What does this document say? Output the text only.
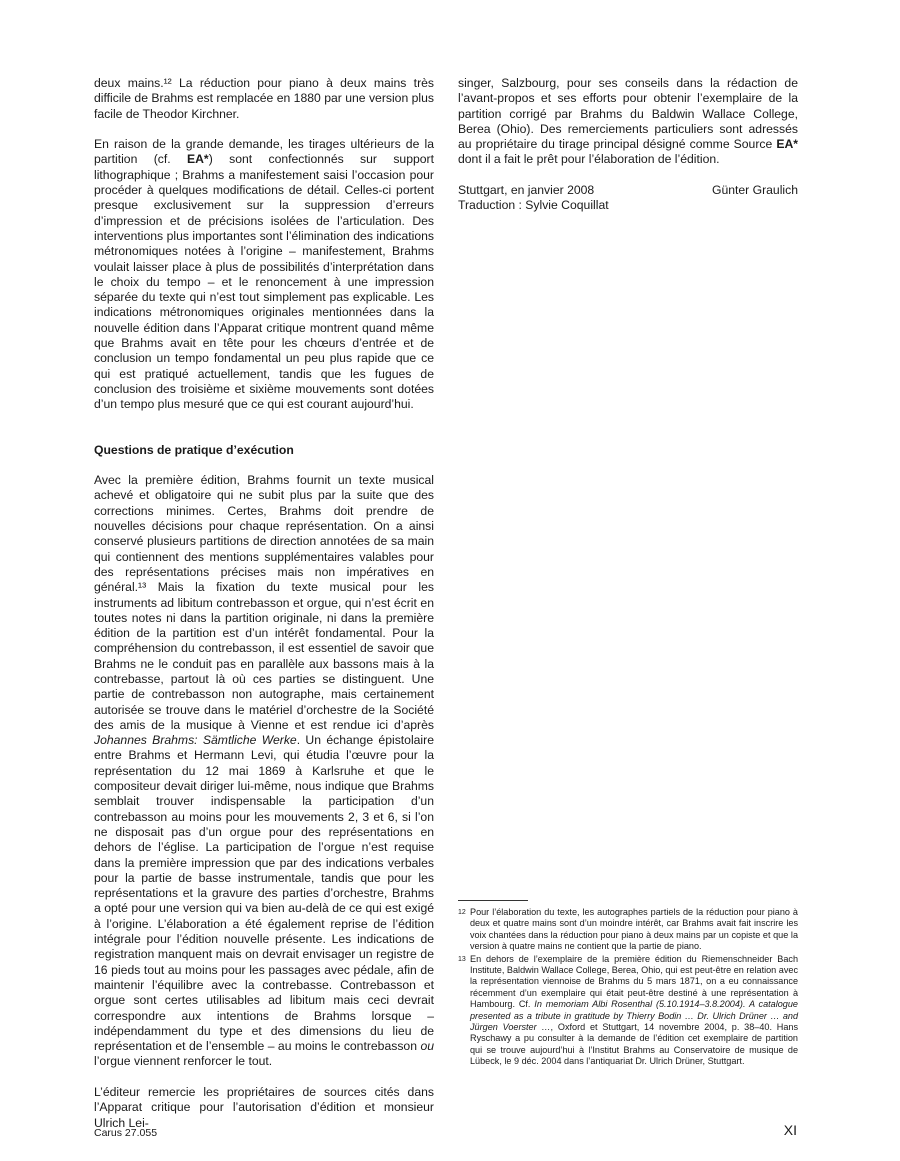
deux mains.¹² La réduction pour piano à deux mains très difficile de Brahms est remplacée en 1880 par une version plus facile de Theodor Kirchner.

En raison de la grande demande, les tirages ultérieurs de la partition (cf. EA*) sont confectionnés sur support lithographique ; Brahms a manifestement saisi l’occasion pour procéder à quelques modifications de détail. Celles-ci portent presque exclusivement sur la suppression d’erreurs d’impression et de précisions isolées de l’articulation. Des interventions plus importantes sont l’élimination des indications métronomiques notées à l’origine – manifestement, Brahms voulait laisser place à plus de possibilités d’interprétation dans le choix du tempo – et le renoncement à une impression séparée du texte qui n’est tout simplement pas explicable. Les indications métronomiques originales mentionnées dans la nouvelle édition dans l’Apparat critique montrent quand même que Brahms avait en tête pour les chœurs d’entrée et de conclusion un tempo fondamental un peu plus rapide que ce qui est pratiqué actuellement, tandis que les fugues de conclusion des troisième et sixième mouvements sont dotées d’un tempo plus mesuré que ce qui est courant aujourd’hui.

Questions de pratique d’exécution

Avec la première édition, Brahms fournit un texte musical achevé et obligatoire qui ne subit plus par la suite que des corrections minimes. Certes, Brahms doit prendre de nouvelles décisions pour chaque représentation. On a ainsi conservé plusieurs partitions de direction annotées de sa main qui contiennent des mentions supplémentaires valables pour des représentations précises mais non impératives en général.¹³ Mais la fixation du texte musical pour les instruments ad libitum contrebasson et orgue, qui n’est écrit en toutes notes ni dans la partition originale, ni dans la première édition de la partition est d’un intérêt fondamental. Pour la compréhension du contrebasson, il est essentiel de savoir que Brahms ne le conduit pas en parallèle aux bassons mais à la contrebasse, partout là où ces parties se distinguent. Une partie de contrebasson non autographe, mais certainement autorisée se trouve dans le matériel d’orchestre de la Société des amis de la musique à Vienne et est rendue ici d’après Johannes Brahms: Sämtliche Werke. Un échange épistolaire entre Brahms et Hermann Levi, qui étudia l’œuvre pour la représentation du 12 mai 1869 à Karlsruhe et que le compositeur devait diriger lui-même, nous indique que Brahms semblait trouver indispensable la participation d’un contrebasson au moins pour les mouvements 2, 3 et 6, si l’on ne disposait pas d’un orgue pour des représentations en dehors de l’église. La participation de l’orgue n’est requise dans la première impression que par des indications verbales pour la partie de basse instrumentale, tandis que pour les représentations et la gravure des parties d’orchestre, Brahms a opté pour une version qui va bien au-delà de ce qui est exigé à l’origine. L’élaboration a été également reprise de l’édition intégrale pour l’édition nouvelle présente. Les indications de registration manquent mais on devrait envisager un registre de 16 pieds tout au moins pour les passages avec pédale, afin de maintenir l’équilibre avec la contrebasse. Contrebasson et orgue sont certes utilisables ad libitum mais ceci devrait correspondre aux intentions de Brahms lorsque – indépendamment du type et des dimensions du lieu de représentation et de l’ensemble – au moins le contrebasson ou l’orgue viennent renforcer le tout.

L’éditeur remercie les propriétaires de sources cités dans l’Apparat critique pour l’autorisation d’édition et monsieur Ulrich Lei-

singer, Salzbourg, pour ses conseils dans la rédaction de l’avant-propos et ses efforts pour obtenir l’exemplaire de la partition corrigé par Brahms du Baldwin Wallace College, Berea (Ohio). Des remerciements particuliers sont adressés au propriétaire du tirage principal désigné comme Source EA* dont il a fait le prêt pour l’élaboration de l’édition.

Stuttgart, en janvier 2008	Günter Graulich
Traduction : Sylvie Coquillat
12 Pour l’élaboration du texte, les autographes partiels de la réduction pour piano à deux et quatre mains sont d’un moindre intérêt, car Brahms avait fait inscrire les voix chantées dans la réduction pour piano à deux mains par un copiste et que la version à quatre mains ne contient que la partie de piano.
13 En dehors de l’exemplaire de la première édition du Riemenschneider Bach Institute, Baldwin Wallace College, Berea, Ohio, qui est peut-être en relation avec la représentation viennoise de Brahms du 5 mars 1871, on a eu connaissance récemment d’un exemplaire qui était peut-être destiné à une représentation à Hambourg. Cf. In memoriam Albi Rosenthal (5.10.1914–3.8.2004). A catalogue presented as a tribute in gratitude by Thierry Bodin … Dr. Ulrich Drüner … and Jürgen Voerster …, Oxford et Stuttgart, 14 novembre 2004, p. 38–40. Hans Ryschawy a pu consulter à la demande de l’édition cet exemplaire de partition qui se trouve aujourd’hui à l’Institut Brahms au Conservatoire de musique de Lübeck, le 9 déc. 2004 dans l’antiquariat Dr. Ulrich Drüner, Stuttgart.
Carus 27.055	XI
